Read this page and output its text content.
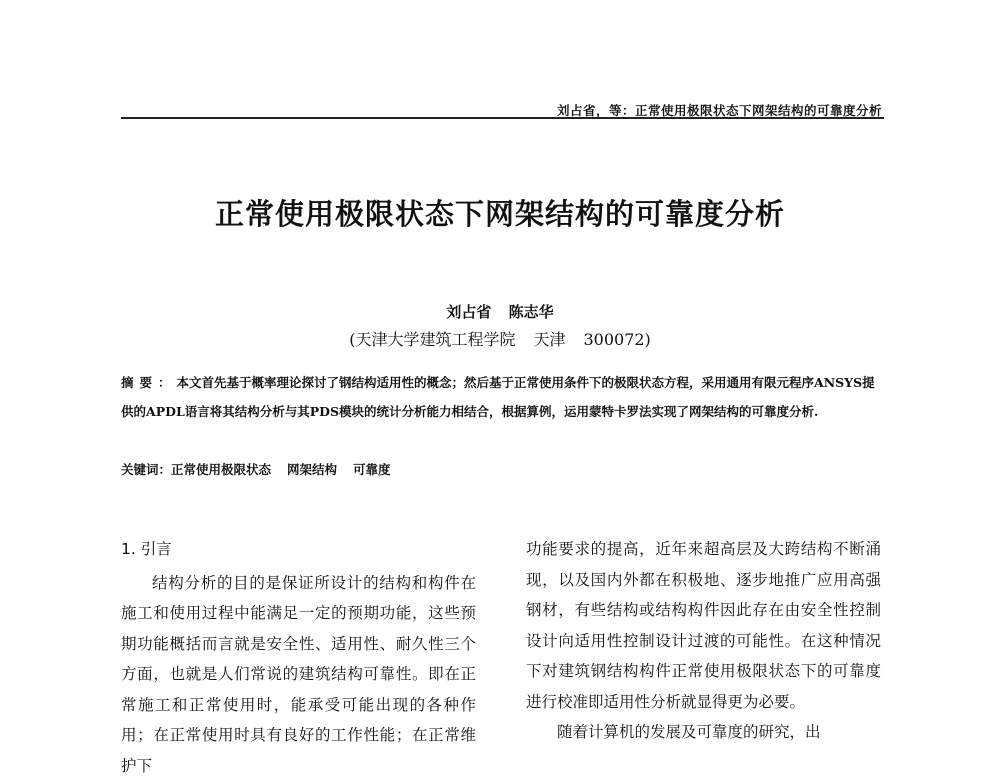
刘占省，等：正常使用极限状态下网架结构的可靠度分析
正常使用极限状态下网架结构的可靠度分析
刘占省 陈志华
(天津大学建筑工程学院 天津 300072)
摘要：本文首先基于概率理论探讨了钢结构适用性的概念；然后基于正常使用条件下的极限状态方程，采用通用有限元程序ANSYS提供的APDL语言将其结构分析与其PDS模块的统计分析能力相结合，根据算例，运用蒙特卡罗法实现了网架结构的可靠度分析.
关键词：正常使用极限状态 网架结构 可靠度
1. 引言
结构分析的目的是保证所设计的结构和构件在施工和使用过程中能满足一定的预期功能，这些预期功能概括而言就是安全性、适用性、耐久性三个方面，也就是人们常说的建筑结构可靠性。即在正常施工和正常使用时，能承受可能出现的各种作用；在正常使用时具有良好的工作性能；在正常维护下
功能要求的提高，近年来超高层及大跨结构不断涌现，以及国内外都在积极地、逐步地推广应用高强钢材，有些结构或结构构件因此存在由安全性控制设计向适用性控制设计过渡的可能性。在这种情况下对建筑钢结构构件正常使用极限状态下的可靠度进行校准即适用性分析就显得更为必要。
随着计算机的发展及可靠度的研究，出
